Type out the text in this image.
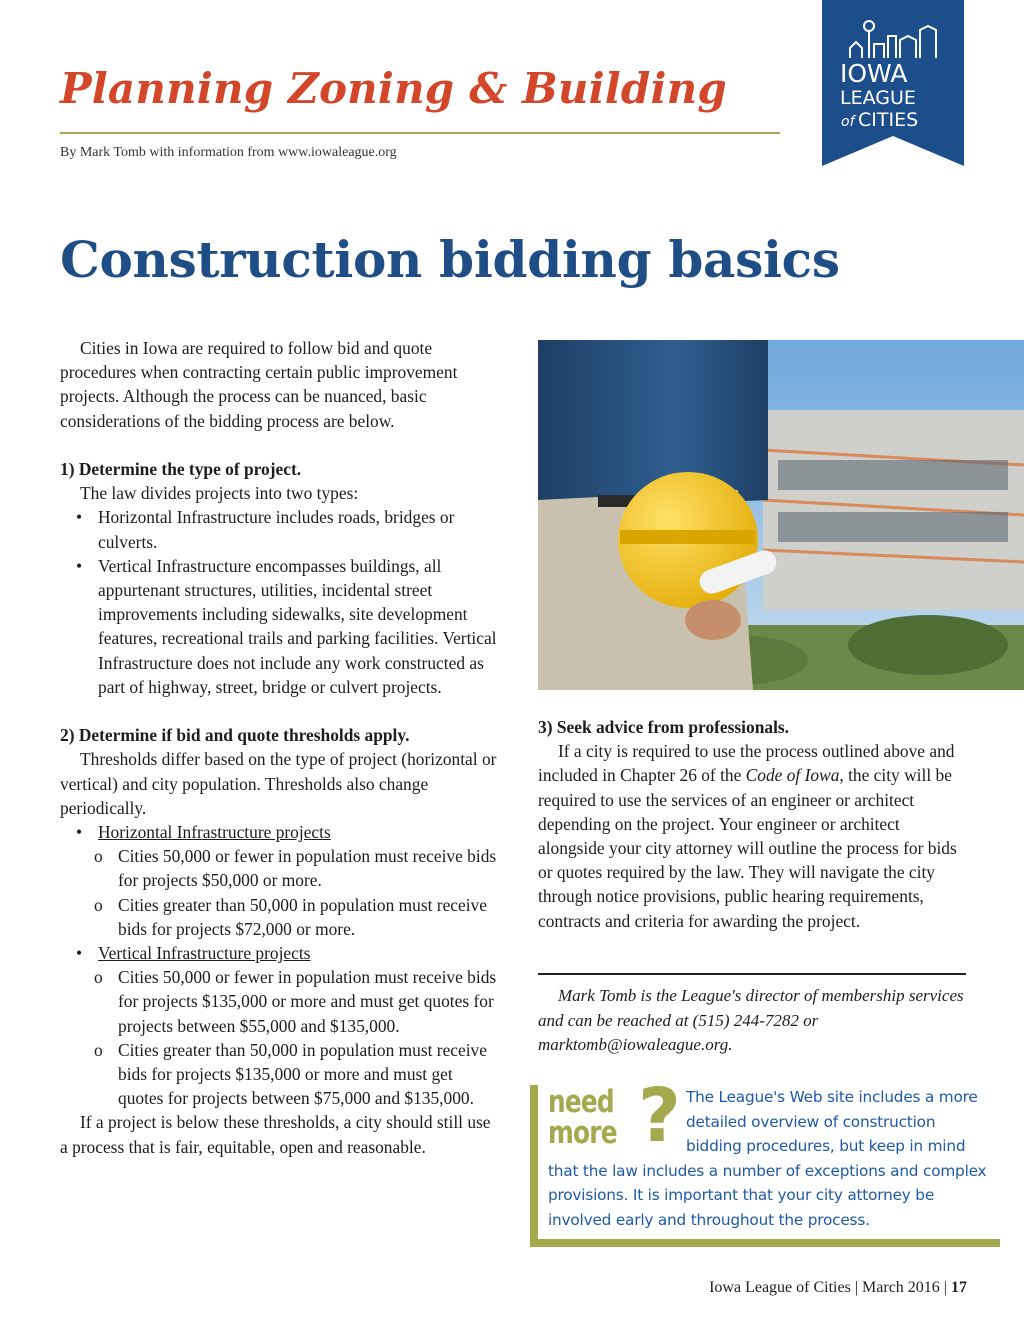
Planning Zoning & Building
By Mark Tomb with information from www.iowaleague.org
IOWA
LEAGUE
of CITIES
Construction bidding basics

Cities in Iowa are required to follow bid and quote procedures when contracting certain public improvement projects. Although the process can be nuanced, basic considerations of the bidding process are below.

1) Determine the type of project.

The law divides projects into two types:

• Horizontal Infrastructure includes roads, bridges or culverts.
• Vertical Infrastructure encompasses buildings, all appurtenant structures, utilities, incidental street improvements including sidewalks, site development features, recreational trails and parking facilities. Vertical Infrastructure does not include any work constructed as part of highway, street, bridge or culvert projects.

2) Determine if bid and quote thresholds apply.

Thresholds differ based on the type of project (horizontal or vertical) and city population. Thresholds also change periodically.

• Horizontal Infrastructure projects
o Cities 50,000 or fewer in population must receive bids for projects $50,000 or more.
o Cities greater than 50,000 in population must receive bids for projects $72,000 or more.
• Vertical Infrastructure projects
o Cities 50,000 or fewer in population must receive bids for projects $135,000 or more and must get quotes for projects between $55,000 and $135,000.
o Cities greater than 50,000 in population must receive bids for projects $135,000 or more and must get quotes for projects between $75,000 and $135,000.

If a project is below these thresholds, a city should still use a process that is fair, equitable, open and reasonable.

3) Seek advice from professionals.

If a city is required to use the process outlined above and included in Chapter 26 of the Code of Iowa, the city will be required to use the services of an engineer or architect depending on the project. Your engineer or architect alongside your city attorney will outline the process for bids or quotes required by the law. They will navigate the city through notice provisions, public hearing requirements, contracts and criteria for awarding the project.

Mark Tomb is the League's director of membership services and can be reached at (515) 244-7282 or marktomb@iowaleague.org.

The League's Web site includes a more detailed overview of construction bidding procedures, but keep in mind that the law includes a number of exceptions and complex provisions. It is important that your city attorney be involved early and throughout the process.
need
more ?
Iowa League of Cities | March 2016 | 17
